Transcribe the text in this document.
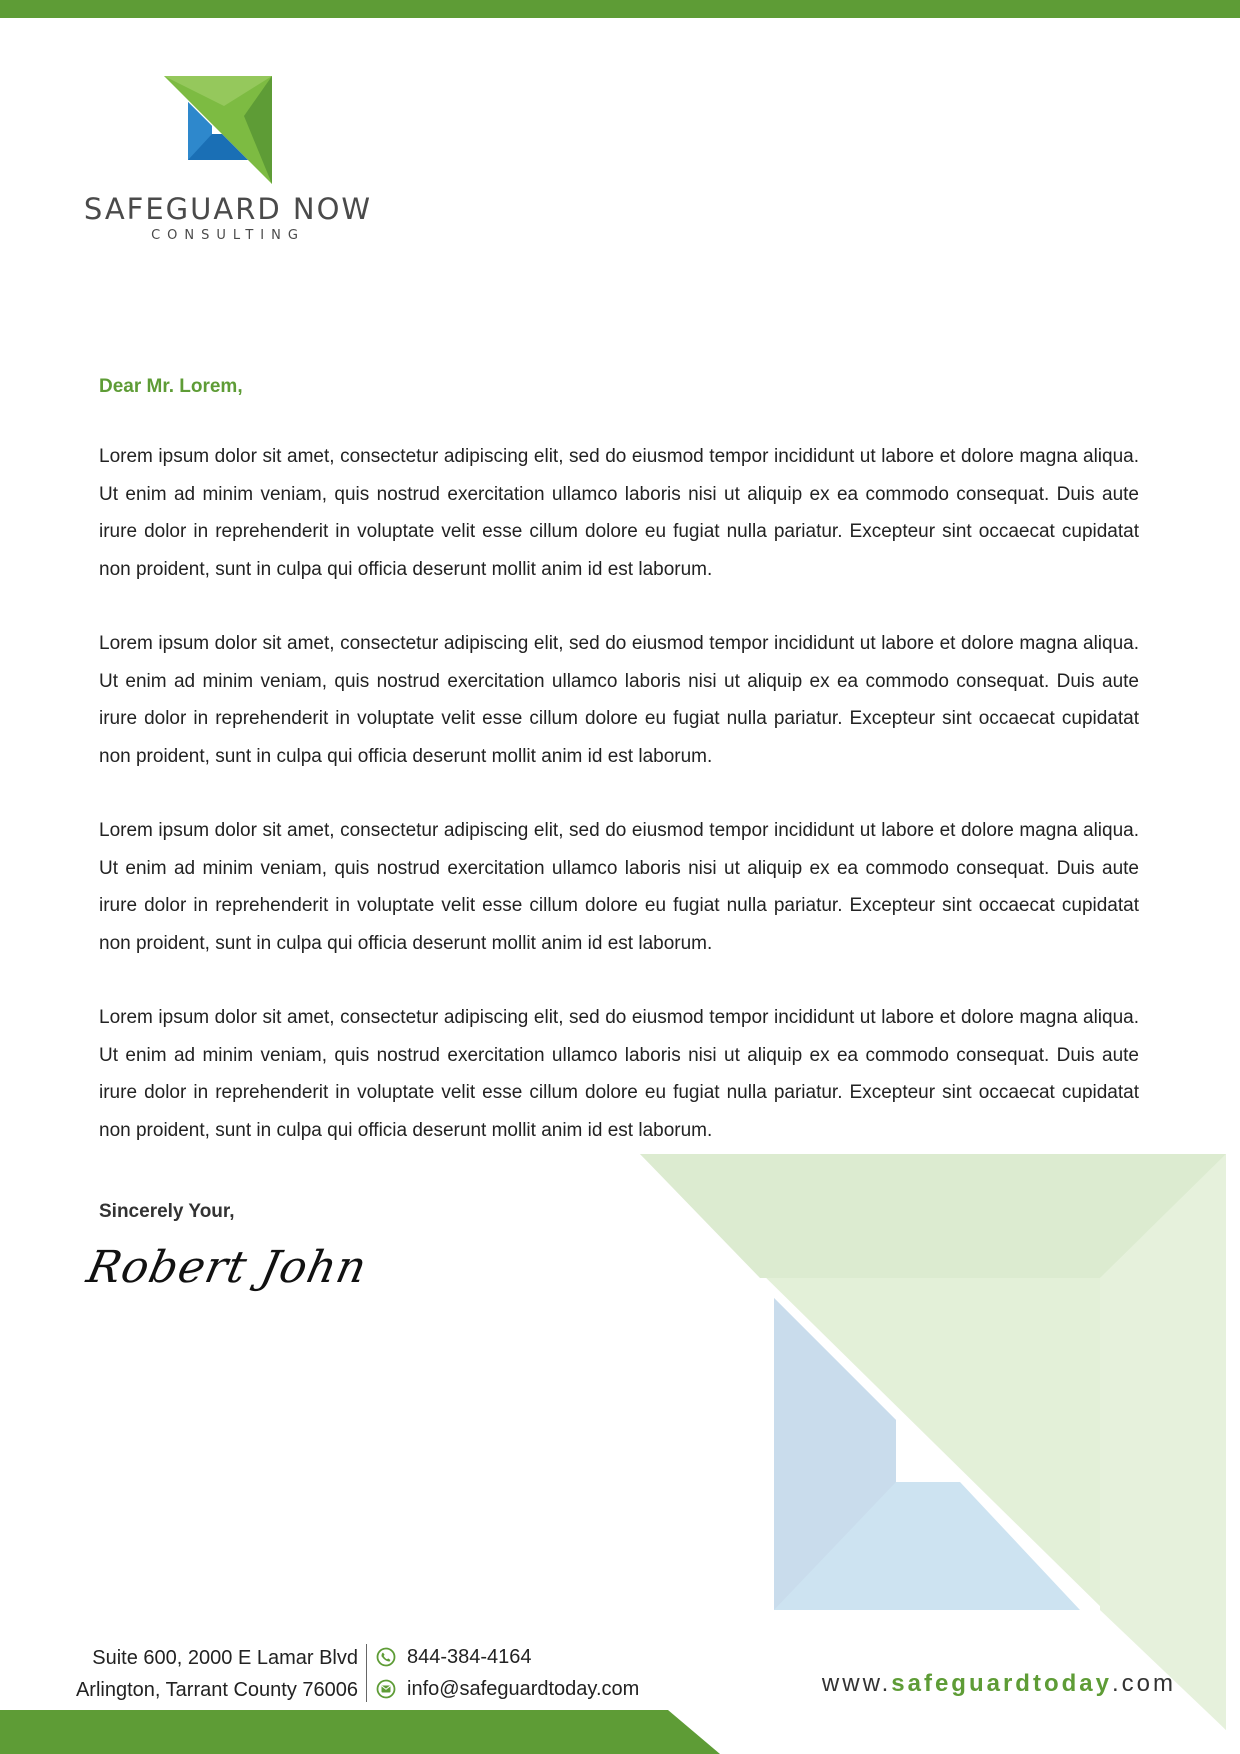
SAFEGUARD NOW
CONSULTING

Dear Mr. Lorem,

Lorem ipsum dolor sit amet, consectetur adipiscing elit, sed do eiusmod tempor incididunt ut labore et dolore magna aliqua. Ut enim ad minim veniam, quis nostrud exercitation ullamco laboris nisi ut aliquip ex ea commodo consequat. Duis aute irure dolor in reprehenderit in voluptate velit esse cillum dolore eu fugiat nulla pariatur. Excepteur sint occaecat cupidatat non proident, sunt in culpa qui officia deserunt mollit anim id est laborum.

Lorem ipsum dolor sit amet, consectetur adipiscing elit, sed do eiusmod tempor incididunt ut labore et dolore magna aliqua. Ut enim ad minim veniam, quis nostrud exercitation ullamco laboris nisi ut aliquip ex ea commodo consequat. Duis aute irure dolor in reprehenderit in voluptate velit esse cillum dolore eu fugiat nulla pariatur. Excepteur sint occaecat cupidatat non proident, sunt in culpa qui officia deserunt mollit anim id est laborum.

Lorem ipsum dolor sit amet, consectetur adipiscing elit, sed do eiusmod tempor incididunt ut labore et dolore magna aliqua. Ut enim ad minim veniam, quis nostrud exercitation ullamco laboris nisi ut aliquip ex ea commodo consequat. Duis aute irure dolor in reprehenderit in voluptate velit esse cillum dolore eu fugiat nulla pariatur. Excepteur sint occaecat cupidatat non proident, sunt in culpa qui officia deserunt mollit anim id est laborum.

Lorem ipsum dolor sit amet, consectetur adipiscing elit, sed do eiusmod tempor incididunt ut labore et dolore magna aliqua. Ut enim ad minim veniam, quis nostrud exercitation ullamco laboris nisi ut aliquip ex ea commodo consequat. Duis aute irure dolor in reprehenderit in voluptate velit esse cillum dolore eu fugiat nulla pariatur. Excepteur sint occaecat cupidatat non proident, sunt in culpa qui officia deserunt mollit anim id est laborum.

Sincerely Your,
Robert John
Suite 600, 2000 E Lamar Blvd
Arlington, Tarrant County 76006
844-384-4164
info@safeguardtoday.com	www.safeguardtoday.com
